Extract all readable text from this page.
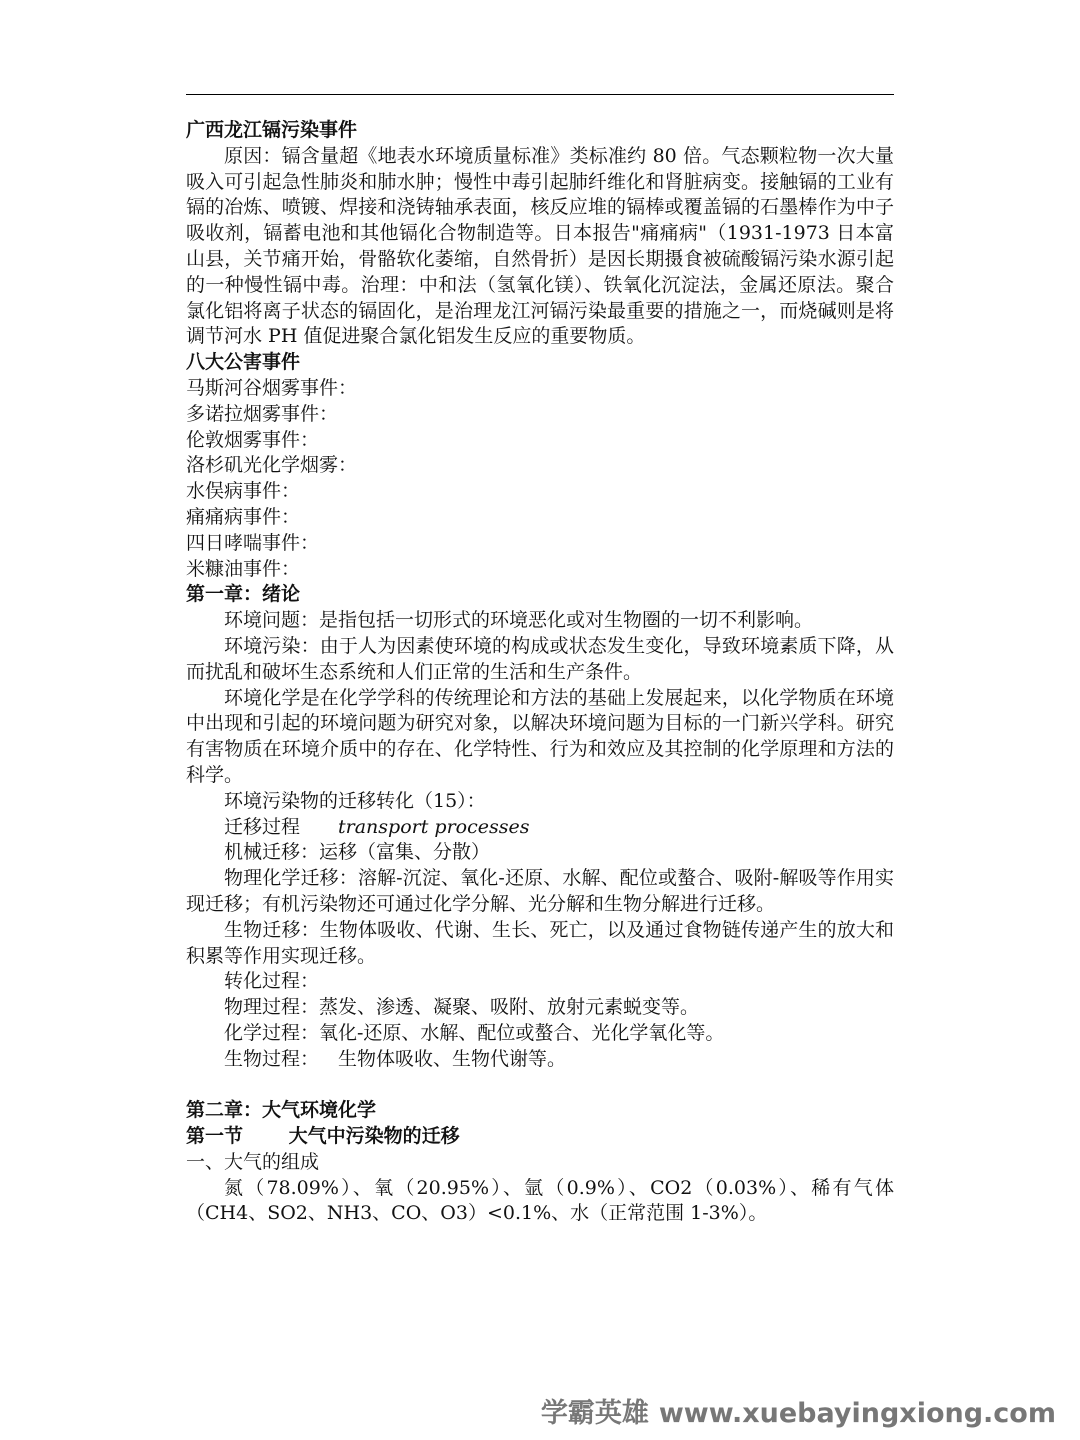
广西龙江镉污染事件

原因：镉含量超《地表水环境质量标准》类标准约 80 倍。气态颗粒物一次大量吸入可引起急性肺炎和肺水肿；慢性中毒引起肺纤维化和肾脏病变。接触镉的工业有镉的冶炼、喷镀、焊接和浇铸轴承表面，核反应堆的镉棒或覆盖镉的石墨棒作为中子吸收剂，镉蓄电池和其他镉化合物制造等。日本报告"痛痛病"（1931-1973 日本富山县，关节痛开始，骨骼软化萎缩，自然骨折）是因长期摄食被硫酸镉污染水源引起的一种慢性镉中毒。治理：中和法（氢氧化镁）、铁氧化沉淀法，金属还原法。聚合氯化铝将离子状态的镉固化，是治理龙江河镉污染最重要的措施之一，而烧碱则是将调节河水 PH 值促进聚合氯化铝发生反应的重要物质。

八大公害事件

马斯河谷烟雾事件：

多诺拉烟雾事件：

伦敦烟雾事件：

洛杉矶光化学烟雾：

水俣病事件：

痛痛病事件：

四日哮喘事件：

米糠油事件：

第一章：绪论

环境问题：是指包括一切形式的环境恶化或对生物圈的一切不利影响。

环境污染：由于人为因素使环境的构成或状态发生变化，导致环境素质下降，从而扰乱和破坏生态系统和人们正常的生活和生产条件。

环境化学是在化学学科的传统理论和方法的基础上发展起来，以化学物质在环境中出现和引起的环境问题为研究对象，以解决环境问题为目标的一门新兴学科。研究有害物质在环境介质中的存在、化学特性、行为和效应及其控制的化学原理和方法的科学。

环境污染物的迁移转化（15）：

迁移过程 transport processes

机械迁移：运移（富集、分散）

物理化学迁移：溶解-沉淀、氧化-还原、水解、配位或螯合、吸附-解吸等作用实现迁移；有机污染物还可通过化学分解、光分解和生物分解进行迁移。

生物迁移：生物体吸收、代谢、生长、死亡，以及通过食物链传递产生的放大和积累等作用实现迁移。

转化过程：

物理过程：蒸发、渗透、凝聚、吸附、放射元素蜕变等。

化学过程：氧化-还原、水解、配位或螯合、光化学氧化等。

生物过程： 生物体吸收、生物代谢等。

第二章：大气环境化学

第一节 大气中污染物的迁移

一、大气的组成

氮（78.09%）、氧（20.95%）、氩（0.9%）、CO2（0.03%）、稀有气体（CH4、SO2、NH3、CO、O3）<0.1%、水（正常范围 1-3%）。

学霸英雄 www.xuebayingxiong.com
